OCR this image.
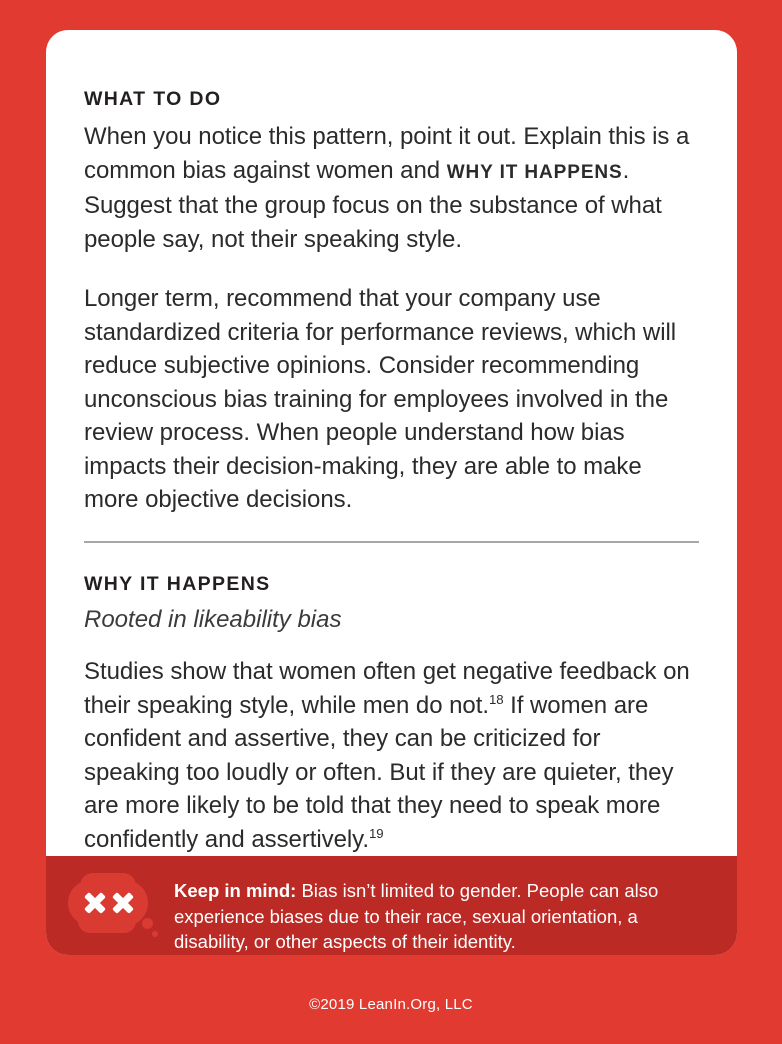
WHAT TO DO

When you notice this pattern, point it out. Explain this is a common bias against women and WHY IT HAPPENS. Suggest that the group focus on the substance of what people say, not their speaking style.

Longer term, recommend that your company use standardized criteria for performance reviews, which will reduce subjective opinions. Consider recommending unconscious bias training for employees involved in the review process. When people understand how bias impacts their decision-making, they are able to make more objective decisions.

WHY IT HAPPENS

Rooted in likeability bias

Studies show that women often get negative feedback on their speaking style, while men do not.$^{18}$ If women are confident and assertive, they can be criticized for speaking too loudly or often. But if they are quieter, they are more likely to be told that they need to speak more confidently and assertively.$^{19}$

Keep in mind: Bias isn’t limited to gender. People can also experience biases due to their race, sexual orientation, a disability, or other aspects of their identity.
©2019 LeanIn.Org, LLC
